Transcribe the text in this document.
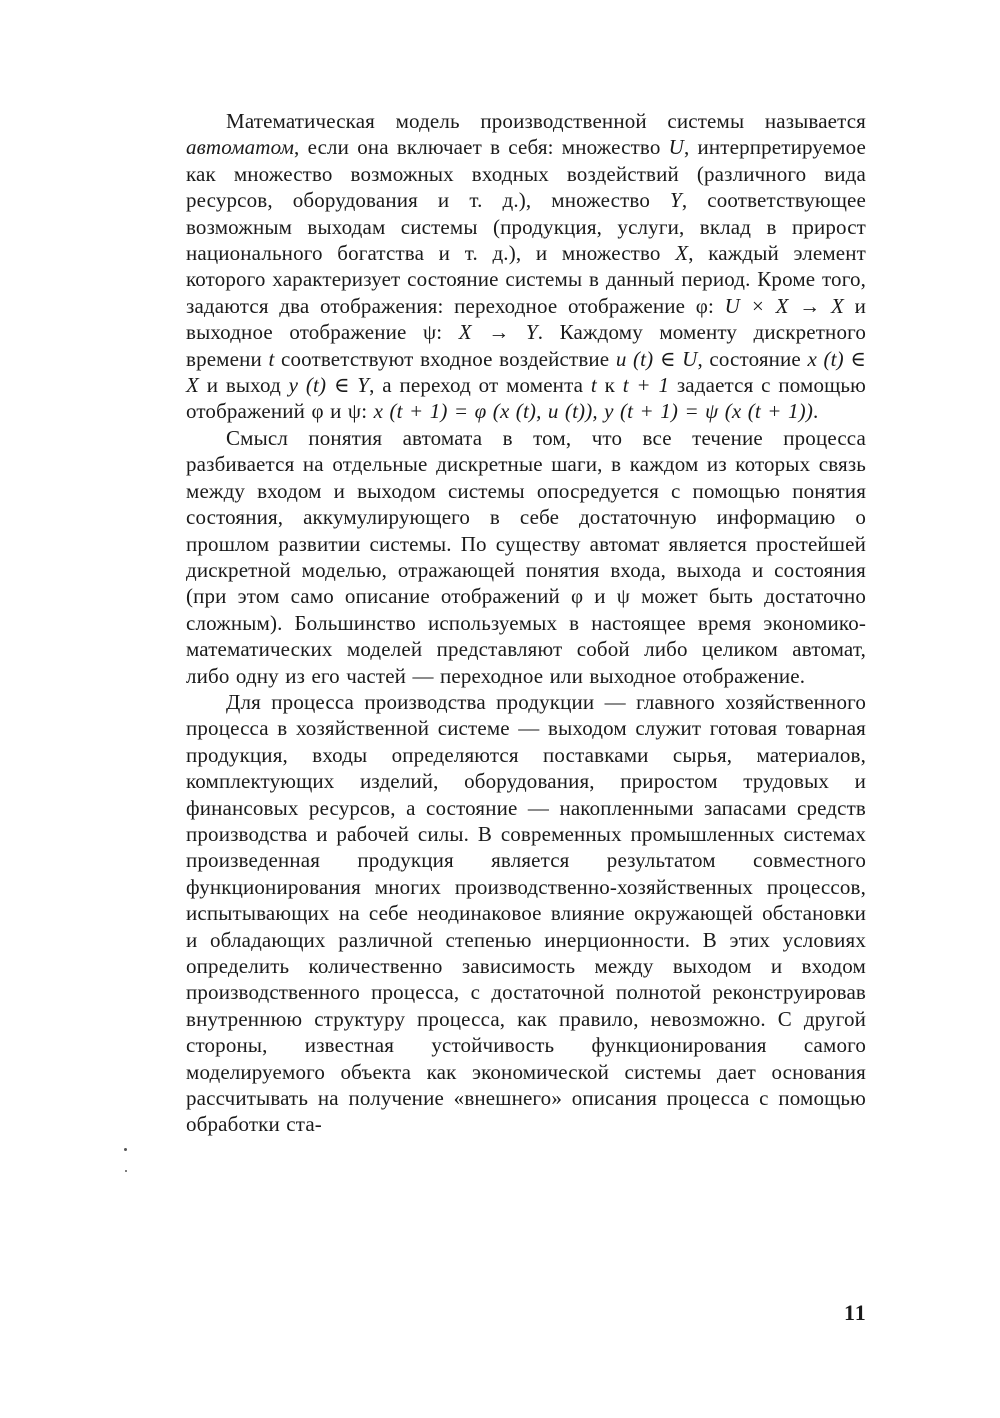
Математическая модель производственной системы называется автоматом, если она включает в себя: множество U, интерпретируемое как множество возможных входных воздействий (различного вида ресурсов, оборудования и т. д.), множество Y, соответствующее возможным выходам системы (продукция, услуги, вклад в прирост национального богатства и т. д.), и множество X, каждый элемент которого характеризует состояние системы в данный период. Кроме того, задаются два отображения: переходное отображение φ: U × X → X и выходное отображение ψ: X → Y. Каждому моменту дискретного времени t соответствуют входное воздействие u (t) ∈ U, состояние x (t) ∈ X и выход y (t) ∈ Y, а переход от момента t к t + 1 задается с помощью отображений φ и ψ: x (t + 1) = φ (x (t), u (t)), y (t + 1) = ψ (x (t + 1)).

Смысл понятия автомата в том, что все течение процесса разбивается на отдельные дискретные шаги, в каждом из которых связь между входом и выходом системы опосредуется с помощью понятия состояния, аккумулирующего в себе достаточную информацию о прошлом развитии системы. По существу автомат является простейшей дискретной моделью, отражающей понятия входа, выхода и состояния (при этом само описание отображений φ и ψ может быть достаточно сложным). Большинство используемых в настоящее время экономико-математических моделей представляют собой либо целиком автомат, либо одну из его частей — переходное или выходное отображение.

Для процесса производства продукции — главного хозяйственного процесса в хозяйственной системе — выходом служит готовая товарная продукция, входы определяются поставками сырья, материалов, комплектующих изделий, оборудования, приростом трудовых и финансовых ресурсов, а состояние — накопленными запасами средств производства и рабочей силы. В современных промышленных системах произведенная продукция является результатом совместного функционирования многих производственно-хозяйственных процессов, испытывающих на себе неодинаковое влияние окружающей обстановки и обладающих различной степенью инерционности. В этих условиях определить количественно зависимость между выходом и входом производственного процесса, с достаточной полнотой реконструировав внутреннюю структуру процесса, как правило, невозможно. С другой стороны, известная устойчивость функционирования самого моделируемого объекта как экономической системы дает основания рассчитывать на получение «внешнего» описания процесса с помощью обработки ста-

11
